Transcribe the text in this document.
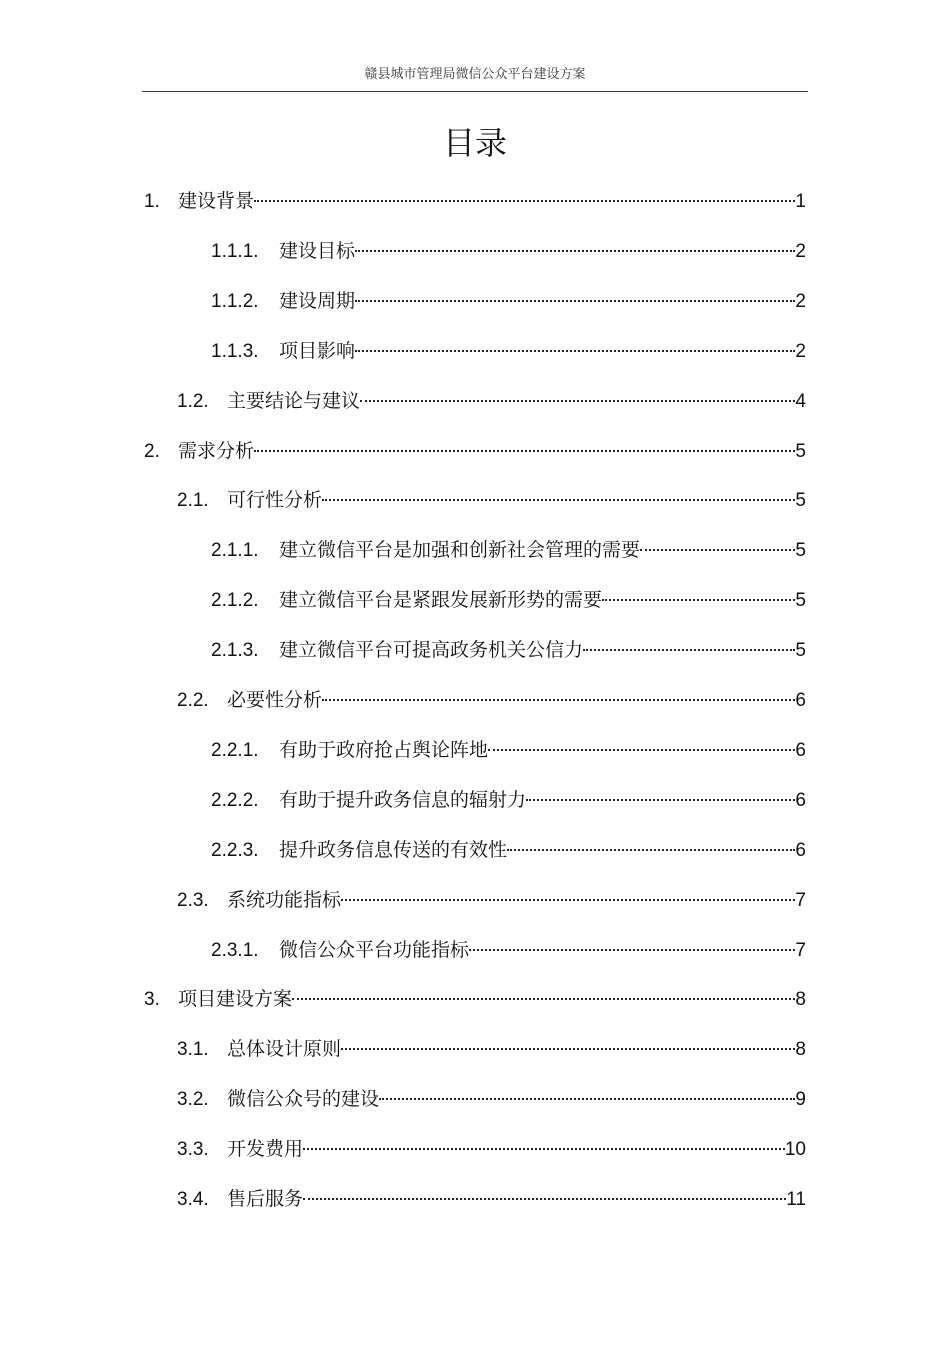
赣县城市管理局微信公众平台建设方案
目录
1. 建设背景	1
1.1.1.	建设目标	2
1.1.2.	建设周期	2
1.1.3.	项目影响	2
1.2. 主要结论与建议	4
2. 需求分析	5
2.1. 可行性分析	5
2.1.1.	建立微信平台是加强和创新社会管理的需要	5
2.1.2.	建立微信平台是紧跟发展新形势的需要	5
2.1.3.	建立微信平台可提高政务机关公信力	5
2.2. 必要性分析	6
2.2.1.	有助于政府抢占舆论阵地	6
2.2.2.	有助于提升政务信息的辐射力	6
2.2.3.	提升政务信息传送的有效性	6
2.3. 系统功能指标	7
2.3.1.	微信公众平台功能指标	7
3. 项目建设方案	8
3.1. 总体设计原则	8
3.2. 微信公众号的建设	9
3.3. 开发费用	10
3.4. 售后服务	11
